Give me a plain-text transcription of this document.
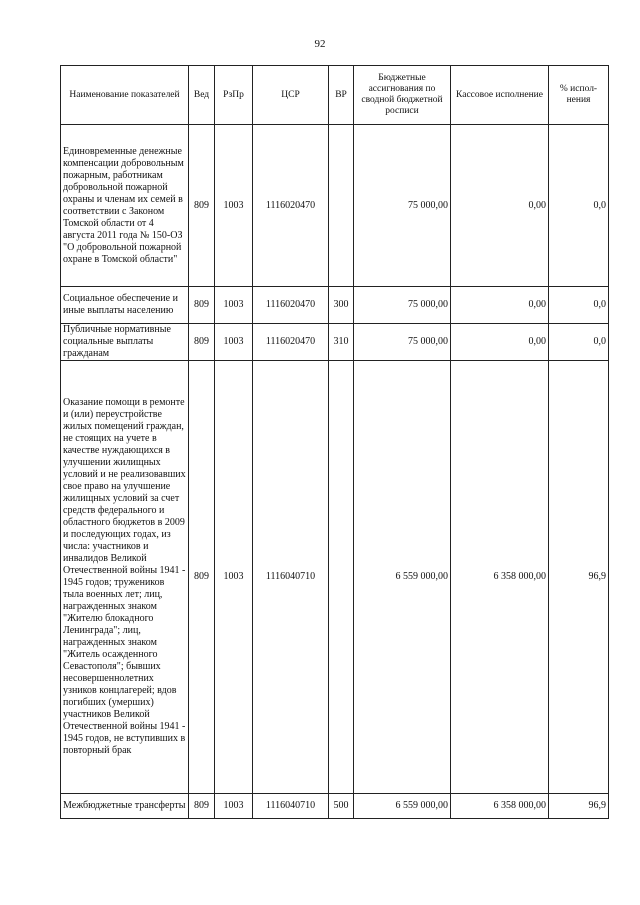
92
Наименование показателей	Вед	РзПр	ЦСР	ВР	Бюджетные ассигнования по сводной бюджетной росписи	Кассовое исполнение	% испол-нения
Единовременные денежные компенсации добровольным пожарным, работникам добровольной пожарной охраны и членам их семей в соответствии с Законом Томской области от 4 августа 2011 года № 150-ОЗ "О добровольной пожарной охране в Томской области"	809	1003	1116020470		75 000,00	0,00	0,0
Социальное обеспечение и иные выплаты населению	809	1003	1116020470	300	75 000,00	0,00	0,0
Публичные нормативные социальные выплаты гражданам	809	1003	1116020470	310	75 000,00	0,00	0,0
Оказание помощи в ремонте и (или) переустройстве жилых помещений граждан, не стоящих на учете в качестве нуждающихся в улучшении жилищных условий и не реализовавших свое право на улучшение жилищных условий за счет средств федерального и областного бюджетов в 2009 и последующих годах, из числа: участников и инвалидов Великой Отечественной войны 1941 - 1945 годов; тружеников тыла военных лет; лиц, награжденных знаком "Жителю блокадного Ленинграда"; лиц, награжденных знаком "Житель осажденного Севастополя"; бывших несовершеннолетних узников концлагерей; вдов погибших (умерших) участников Великой Отечественной войны 1941 - 1945 годов, не вступивших в повторный брак	809	1003	1116040710		6 559 000,00	6 358 000,00	96,9
Межбюджетные трансферты	809	1003	1116040710	500	6 559 000,00	6 358 000,00	96,9
